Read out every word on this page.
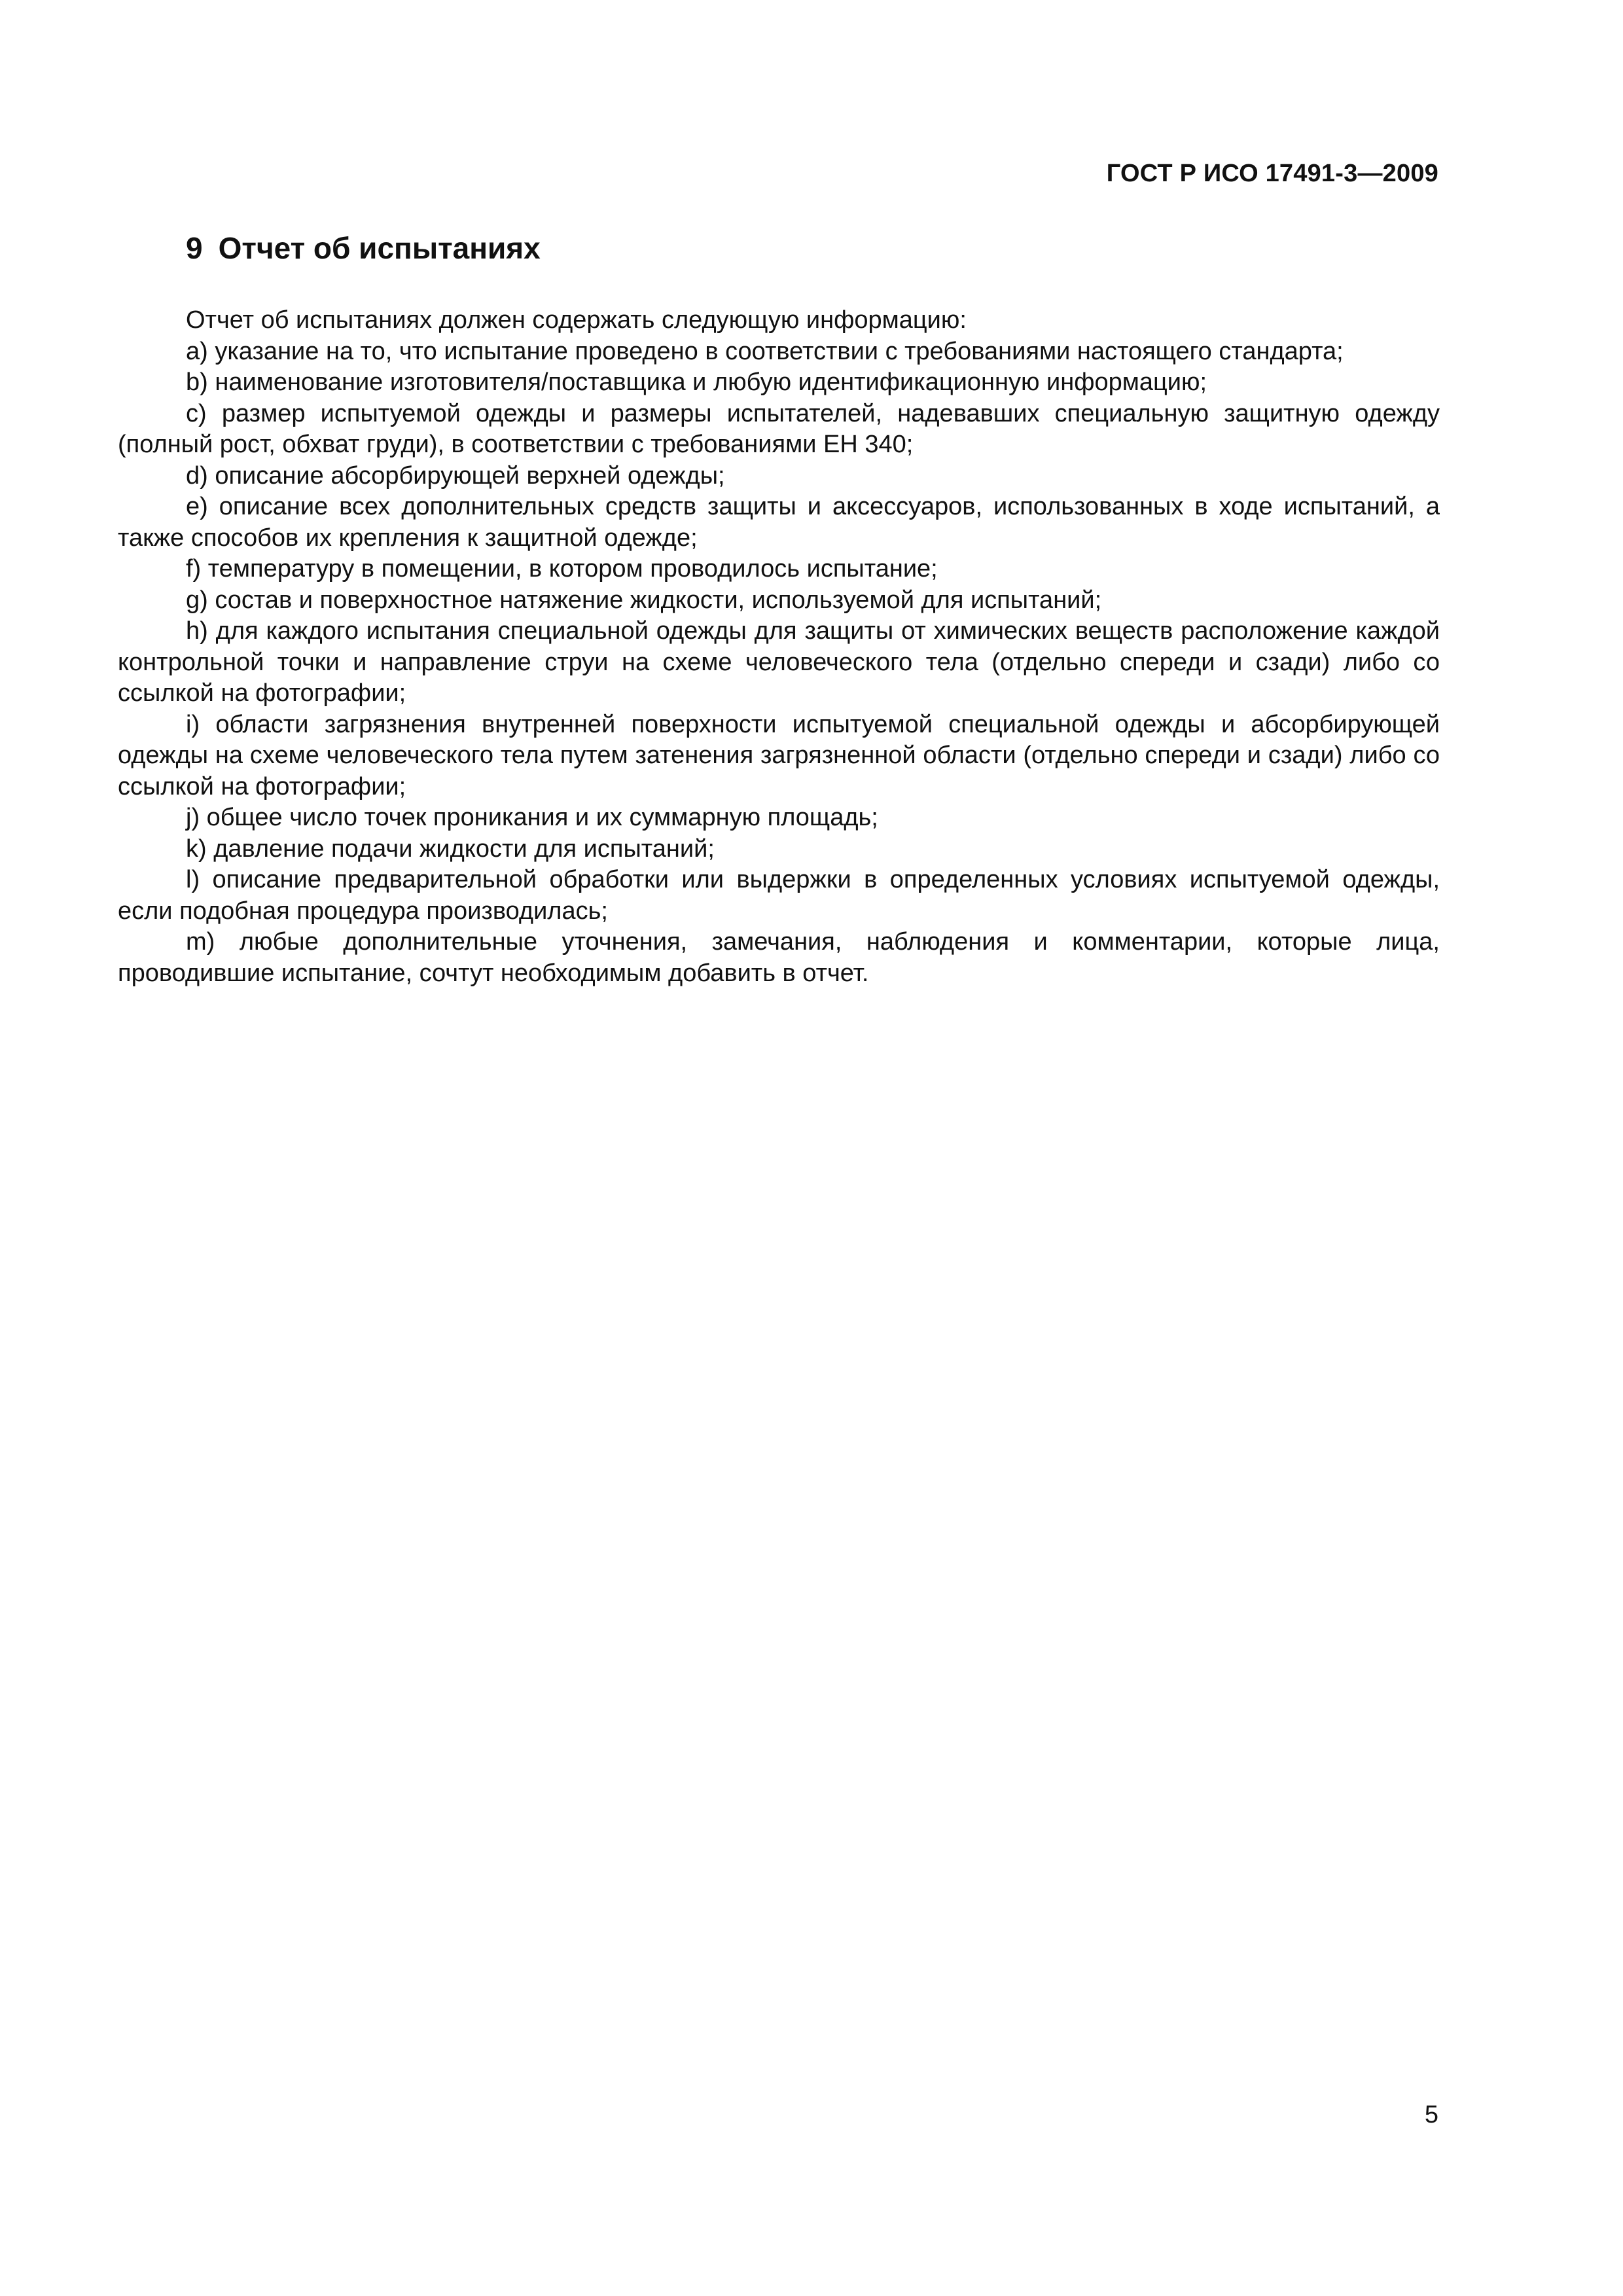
ГОСТ Р ИСО 17491-3—2009
9 Отчет об испытаниях

Отчет об испытаниях должен содержать следующую информацию:

a) указание на то, что испытание проведено в соответствии с требованиями настоящего стандарта;

b) наименование изготовителя/поставщика и любую идентификационную информацию;

c) размер испытуемой одежды и размеры испытателей, надевавших специальную защитную одежду (полный рост, обхват груди), в соответствии с требованиями ЕН 340;

d) описание абсорбирующей верхней одежды;

e) описание всех дополнительных средств защиты и аксессуаров, использованных в ходе испытаний, а также способов их крепления к защитной одежде;

f) температуру в помещении, в котором проводилось испытание;

g) состав и поверхностное натяжение жидкости, используемой для испытаний;

h) для каждого испытания специальной одежды для защиты от химических веществ расположение каждой контрольной точки и направление струи на схеме человеческого тела (отдельно спереди и сзади) либо со ссылкой на фотографии;

i) области загрязнения внутренней поверхности испытуемой специальной одежды и абсорбирующей одежды на схеме человеческого тела путем затенения загрязненной области (отдельно спереди и сзади) либо со ссылкой на фотографии;

j) общее число точек проникания и их суммарную площадь;

k) давление подачи жидкости для испытаний;

l) описание предварительной обработки или выдержки в определенных условиях испытуемой одежды, если подобная процедура производилась;

m) любые дополнительные уточнения, замечания, наблюдения и комментарии, которые лица, проводившие испытание, сочтут необходимым добавить в отчет.

5
